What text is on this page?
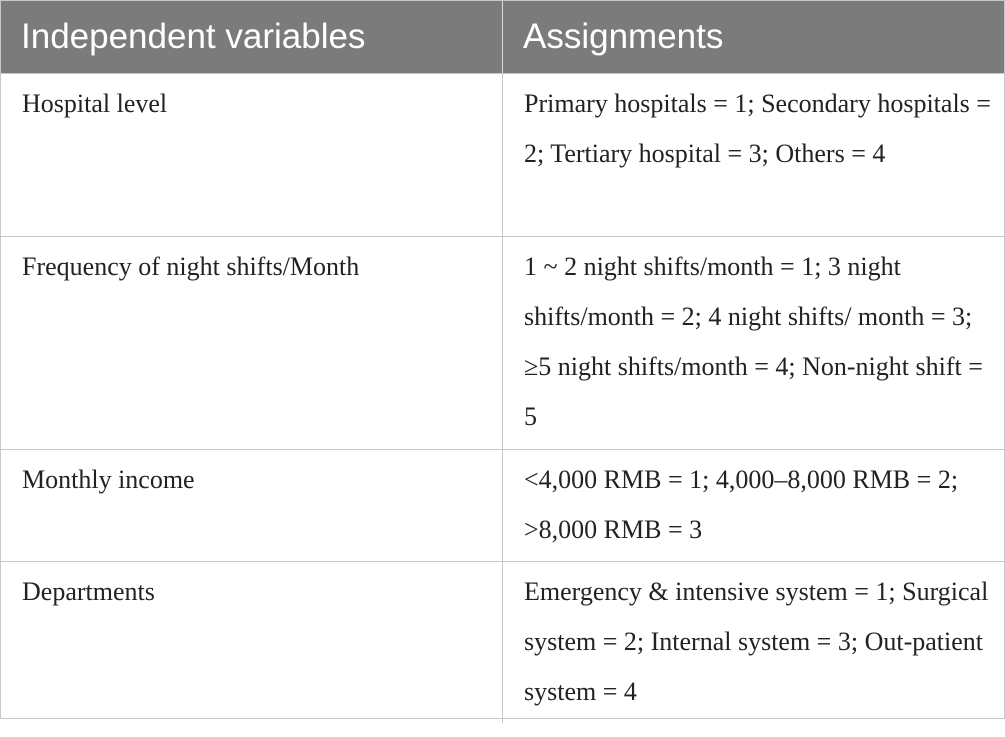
Independent variables	Assignments
Hospital level	Primary hospitals = 1; Secondary hospitals = 2; Tertiary hospital = 3; Others = 4
Frequency of night shifts/Month	1 ~ 2 night shifts/month = 1; 3 night shifts/month = 2; 4 night shifts/ month = 3; ≥5 night shifts/month = 4; Non-night shift = 5
Monthly income	<4,000 RMB = 1; 4,000–8,000 RMB = 2; >8,000 RMB = 3
Departments	Emergency & intensive system = 1; Surgical system = 2; Internal system = 3; Out-patient system = 4
